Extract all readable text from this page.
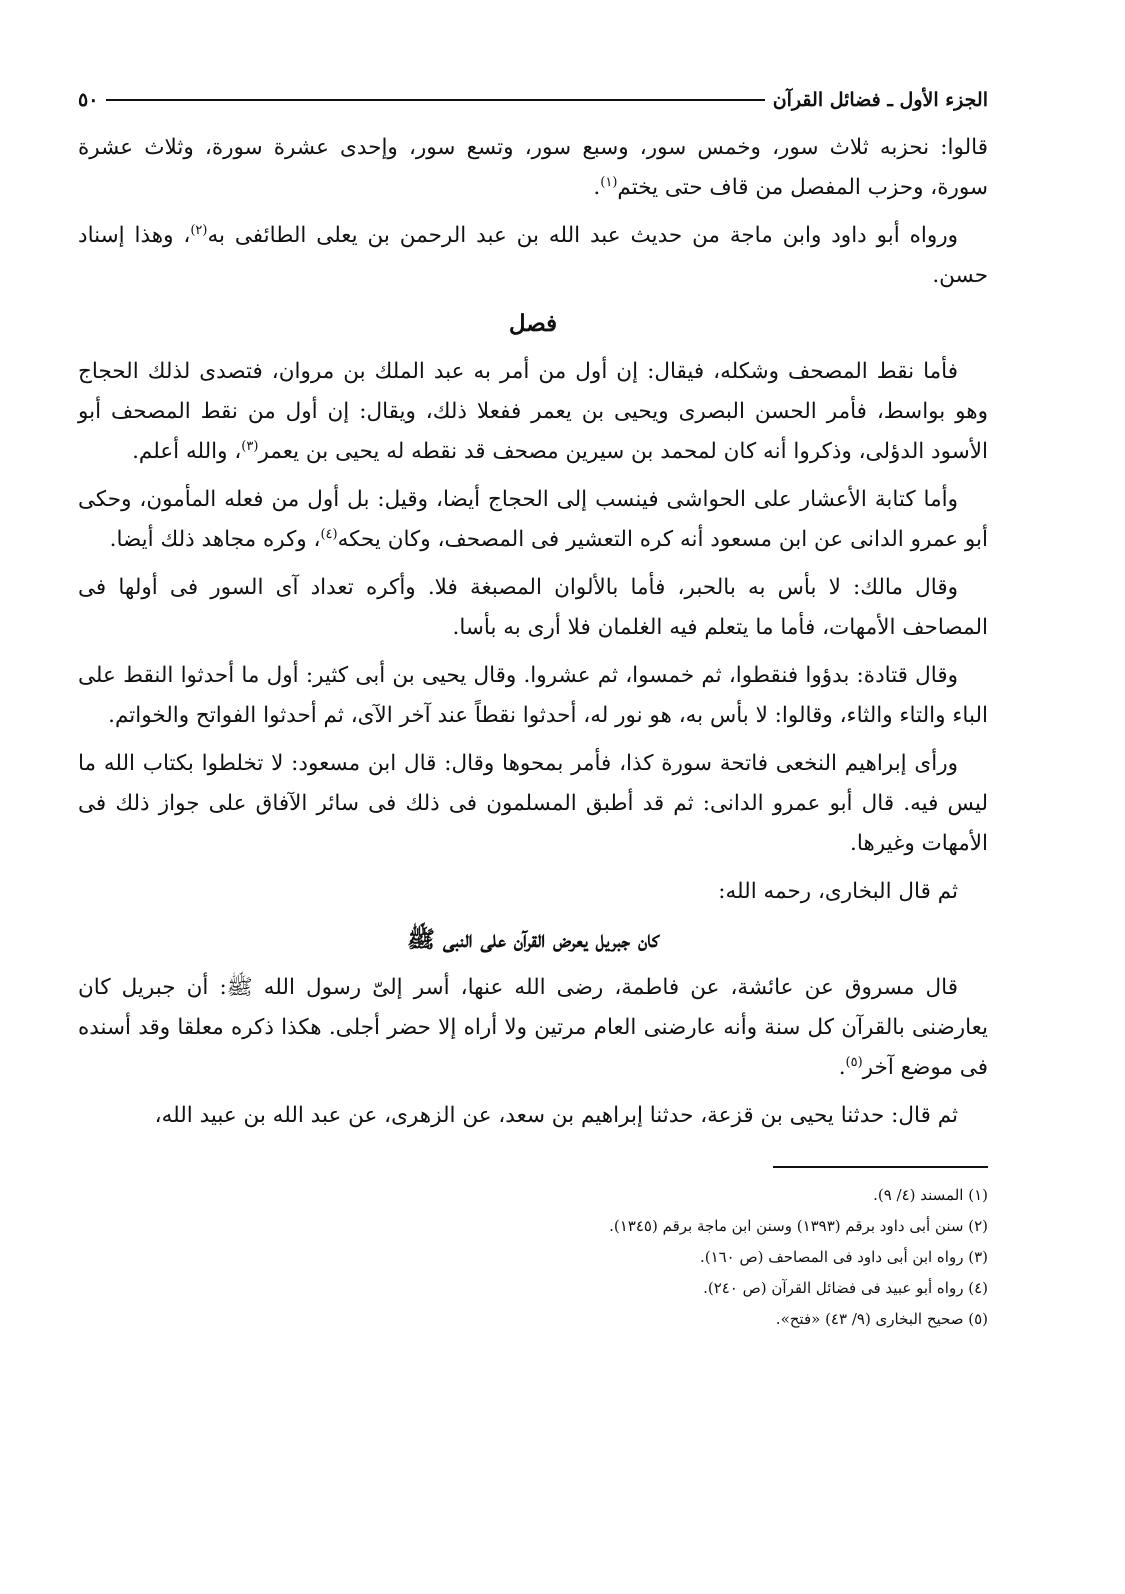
الجزء الأول ـ فضائل القرآن
٥٠

قالوا: نحزبه ثلاث سور، وخمس سور، وسبع سور، وتسع سور، وإحدى عشرة سورة، وثلاث عشرة سورة، وحزب المفصل من قاف حتى يختم$^{(١)}$.

ورواه أبو داود وابن ماجة من حديث عبد الله بن عبد الرحمن بن يعلى الطائفى به$^{(٢)}$، وهذا إسناد حسن.

فصل

فأما نقط المصحف وشكله، فيقال: إن أول من أمر به عبد الملك بن مروان، فتصدى لذلك الحجاج وهو بواسط، فأمر الحسن البصرى ويحيى بن يعمر ففعلا ذلك، ويقال: إن أول من نقط المصحف أبو الأسود الدؤلى، وذكروا أنه كان لمحمد بن سيرين مصحف قد نقطه له يحيى بن يعمر$^{(٣)}$، والله أعلم.

وأما كتابة الأعشار على الحواشى فينسب إلى الحجاج أيضا، وقيل: بل أول من فعله المأمون، وحكى أبو عمرو الدانى عن ابن مسعود أنه كره التعشير فى المصحف، وكان يحكه$^{(٤)}$، وكره مجاهد ذلك أيضا.

وقال مالك: لا بأس به بالحبر، فأما بالألوان المصبغة فلا. وأكره تعداد آى السور فى أولها فى المصاحف الأمهات، فأما ما يتعلم فيه الغلمان فلا أرى به بأسا.

وقال قتادة: بدؤوا فنقطوا، ثم خمسوا، ثم عشروا. وقال يحيى بن أبى كثير: أول ما أحدثوا النقط على الباء والتاء والثاء، وقالوا: لا بأس به، هو نور له، أحدثوا نقطاً عند آخر الآى، ثم أحدثوا الفواتح والخواتم.

ورأى إبراهيم النخعى فاتحة سورة كذا، فأمر بمحوها وقال: قال ابن مسعود: لا تخلطوا بكتاب الله ما ليس فيه. قال أبو عمرو الدانى: ثم قد أطبق المسلمون فى ذلك فى سائر الآفاق على جواز ذلك فى الأمهات وغيرها.

ثم قال البخارى، رحمه الله:

كان جبريل يعرض القرآن على النبى ﷺ

قال مسروق عن عائشة، عن فاطمة، رضى الله عنها، أسر إلىّ رسول الله ﷺ: أن جبريل كان يعارضنى بالقرآن كل سنة وأنه عارضنى العام مرتين ولا أراه إلا حضر أجلى. هكذا ذكره معلقا وقد أسنده فى موضع آخر$^{(٥)}$.

ثم قال: حدثنا يحيى بن قزعة، حدثنا إبراهيم بن سعد، عن الزهرى، عن عبد الله بن عبيد الله،

(١) المسند (٤/ ٩).

(٢) سنن أبى داود برقم (١٣٩٣) وسنن ابن ماجة برقم (١٣٤٥).

(٣) رواه ابن أبى داود فى المصاحف (ص ١٦٠).

(٤) رواه أبو عبيد فى فضائل القرآن (ص ٢٤٠).

(٥) صحيح البخارى (٩/ ٤٣) «فتح».
